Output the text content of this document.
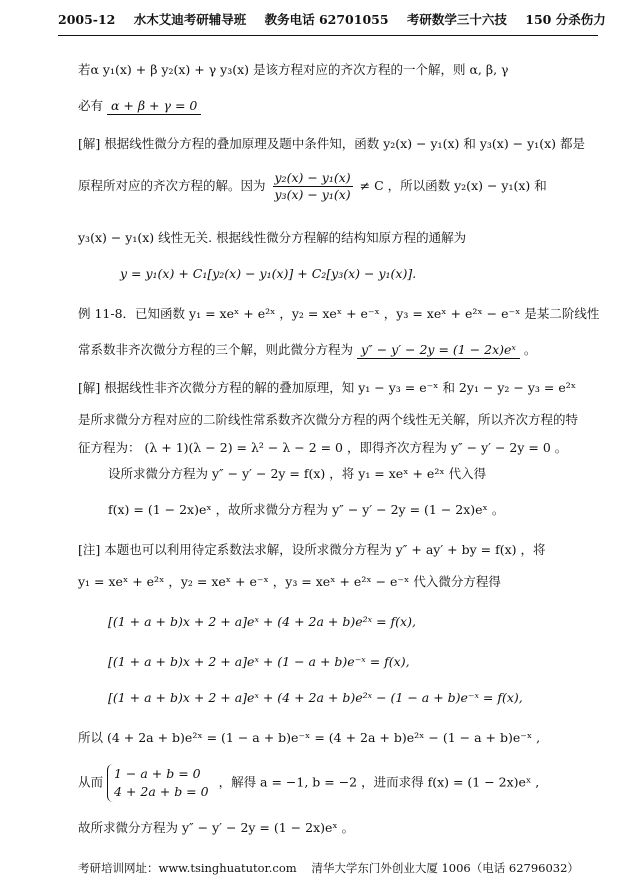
2005-12 水木艾迪考研辅导班 教务电话 62701055 考研数学三十六技 150 分杀伤力
若α y₁(x) + β y₂(x) + γ y₃(x) 是该方程对应的齐次方程的一个解，则 α, β, γ
必有 α + β + γ = 0
[解] 根据线性微分方程的叠加原理及题中条件知，函数 y₂(x) − y₁(x) 和 y₃(x) − y₁(x) 都是
原程所对应的齐次方程的解。因为 $\frac{\text{y₂(x) − y₁(x)}}{\text{y₃(x) − y₁(x)}} \ne C$ ，所以函数 y₂(x) − y₁(x) 和
y₃(x) − y₁(x) 线性无关. 根据线性微分方程解的结构知原方程的通解为
y = y₁(x) + C₁[y₂(x) − y₁(x)] + C₂[y₃(x) − y₁(x)].
例 11-8．已知函数 y₁ = xeˣ + e²ˣ ，y₂ = xeˣ + e⁻ˣ ，y₃ = xeˣ + e²ˣ − e⁻ˣ 是某二阶线性
常系数非齐次微分方程的三个解，则此微分方程为 y″ − y′ − 2y = (1 − 2x)eˣ 。
[解] 根据线性非齐次微分方程的解的叠加原理，知 y₁ − y₃ = e⁻ˣ 和 2y₁ − y₂ − y₃ = e²ˣ
是所求微分方程对应的二阶线性常系数齐次微分方程的两个线性无关解，所以齐次方程的特
征方程为： (λ + 1)(λ − 2) = λ² − λ − 2 = 0 ，即得齐次方程为 y″ − y′ − 2y = 0 。
设所求微分方程为 y″ − y′ − 2y = f(x) ，将 y₁ = xeˣ + e²ˣ 代入得
f(x) = (1 − 2x)eˣ ，故所求微分方程为 y″ − y′ − 2y = (1 − 2x)eˣ 。
[注] 本题也可以利用待定系数法求解，设所求微分方程为 y″ + ay′ + by = f(x) ，将
y₁ = xeˣ + e²ˣ ，y₂ = xeˣ + e⁻ˣ ，y₃ = xeˣ + e²ˣ − e⁻ˣ 代入微分方程得
[(1 + a + b)x + 2 + a]eˣ + (4 + 2a + b)e²ˣ = f(x),
[(1 + a + b)x + 2 + a]eˣ + (1 − a + b)e⁻ˣ = f(x),
[(1 + a + b)x + 2 + a]eˣ + (4 + 2a + b)e²ˣ − (1 − a + b)e⁻ˣ = f(x),
所以 (4 + 2a + b)e²ˣ = (1 − a + b)e⁻ˣ = (4 + 2a + b)e²ˣ − (1 − a + b)e⁻ˣ ,
从而
1 − a + b = 0
4 + 2a + b = 0
，解得 a = −1, b = −2 ，进而求得 f(x) = (1 − 2x)eˣ ,
故所求微分方程为 y″ − y′ − 2y = (1 − 2x)eˣ 。
考研培训网址：www.tsinghuatutor.com 清华大学东门外创业大厦 1006（电话 62796032）
